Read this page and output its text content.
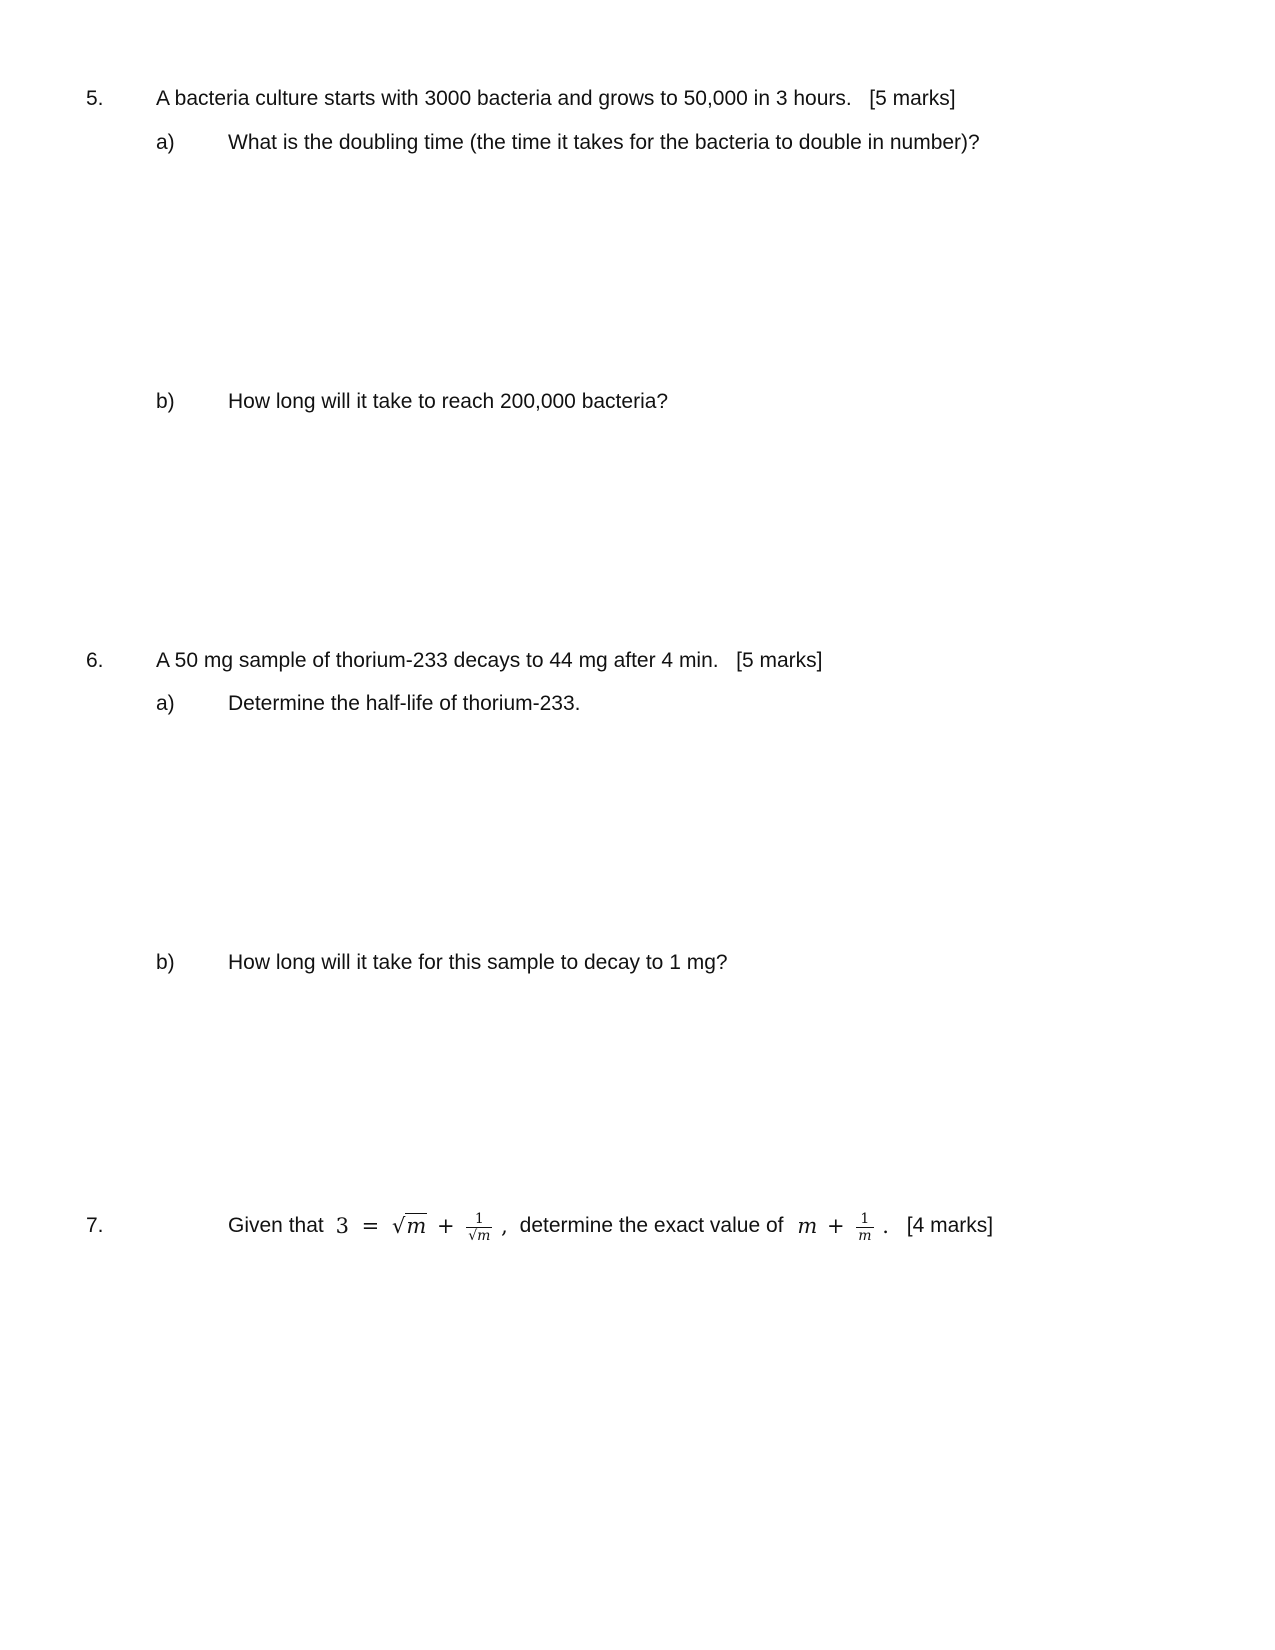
5. A bacteria culture starts with 3000 bacteria and grows to 50,000 in 3 hours. [5 marks]
a)	What is the doubling time (the time it takes for the bacteria to double in number)?
b)	How long will it take to reach 200,000 bacteria?
6. A 50 mg sample of thorium-233 decays to 44 mg after 4 min. [5 marks]
a)	Determine the half-life of thorium-233.
b)	How long will it take for this sample to decay to 1 mg?
7.	Given that $3 = √m + \frac{1}{√m}$ , determine the exact value of $m + \frac{1}{m}$ . [4 marks]
